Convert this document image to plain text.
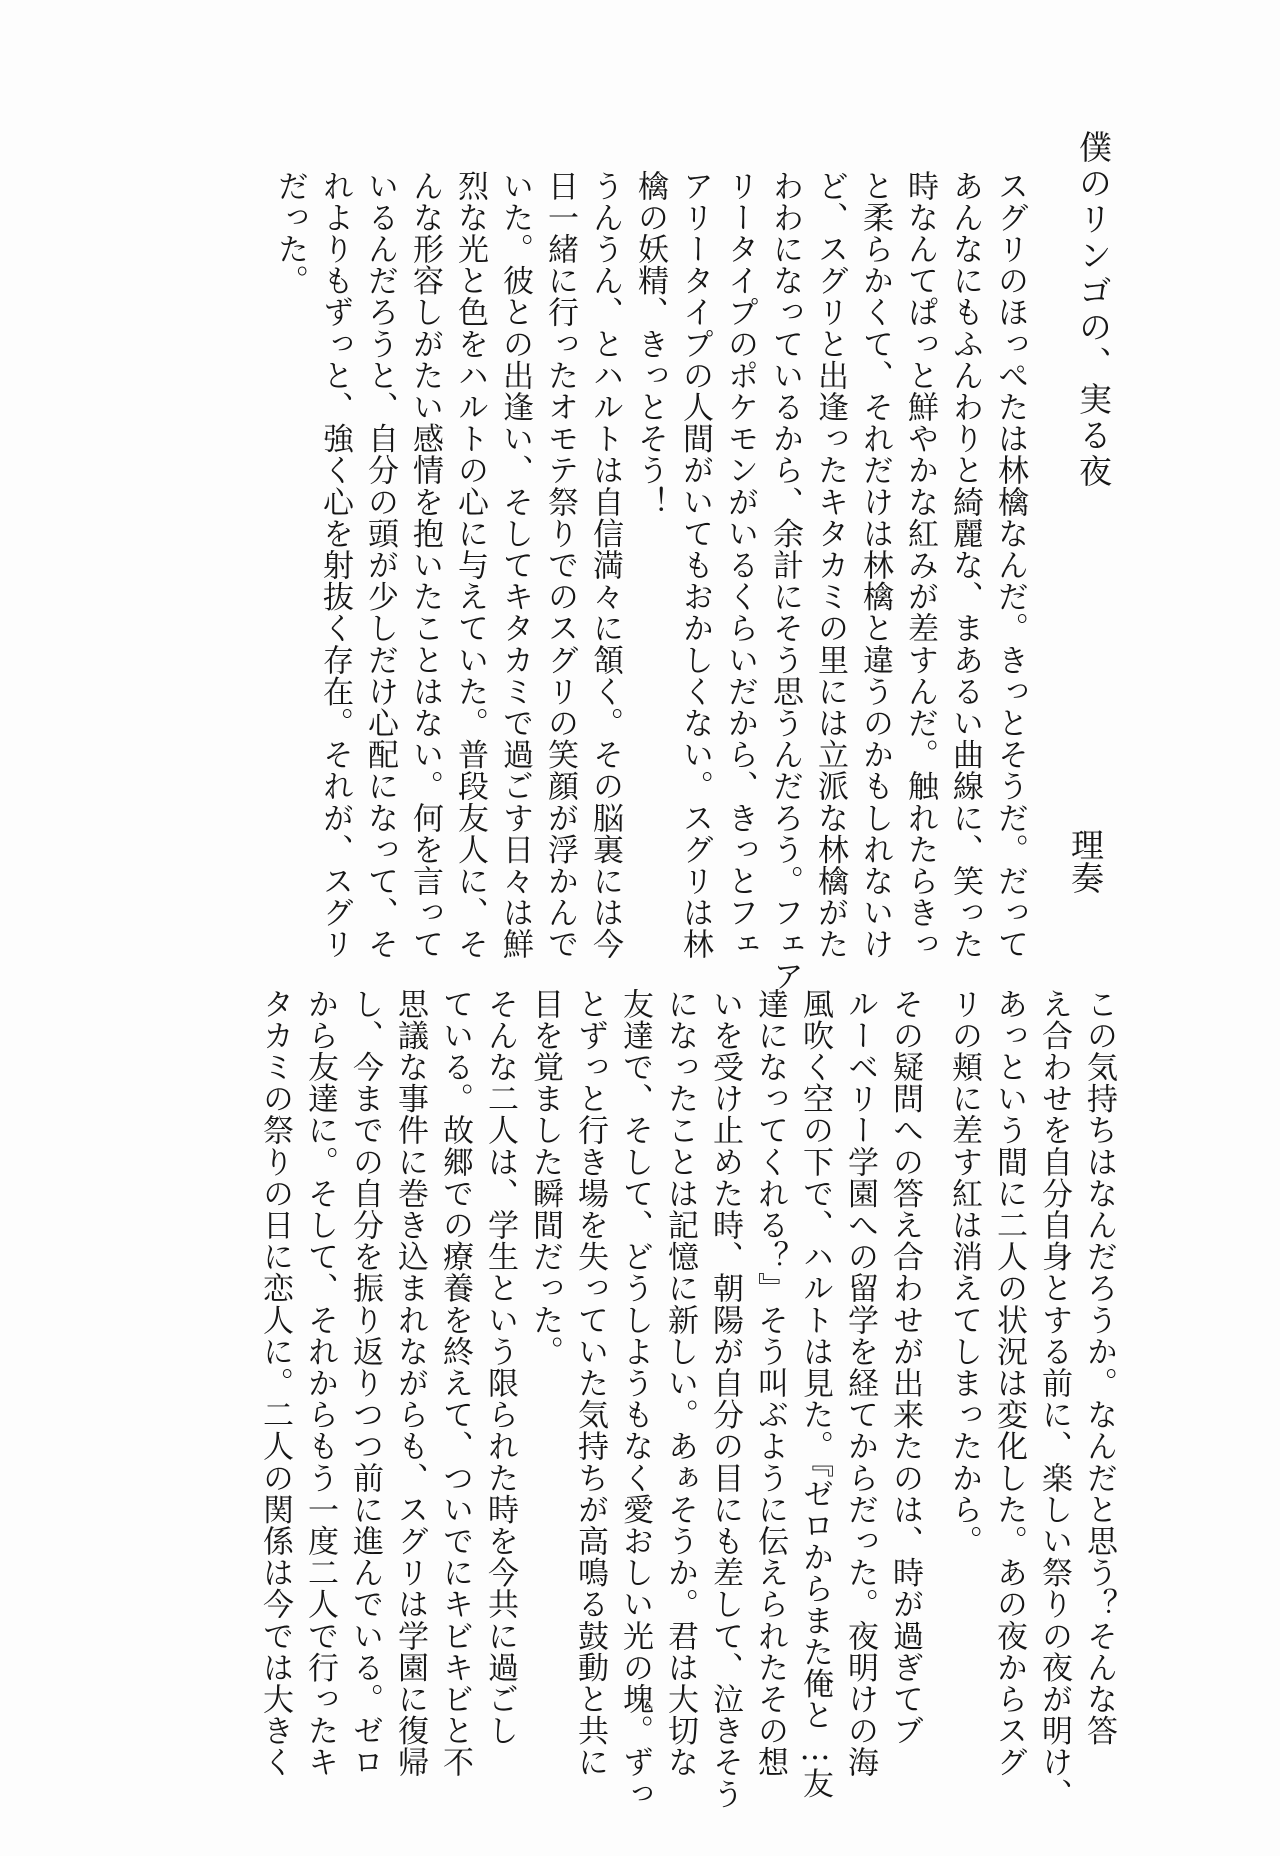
僕のリンゴの、実る夜
理奏

スグリのほっぺたは林檎なんだ。きっとそうだ。だって

あんなにもふんわりと綺麗な、まあるい曲線に、笑った

時なんてぱっと鮮やかな紅みが差すんだ。触れたらきっ

と柔らかくて、それだけは林檎と違うのかもしれないけ

ど、スグリと出逢ったキタカミの里には立派な林檎がた

わわになっているから、余計にそう思うんだろう。フェア

リータイプのポケモンがいるくらいだから、きっとフェ

アリータイプの人間がいてもおかしくない。スグリは林

檎の妖精、きっとそう！

うんうん、とハルトは自信満々に頷く。その脳裏には今

日一緒に行ったオモテ祭りでのスグリの笑顔が浮かんで

いた。彼との出逢い、そしてキタカミで過ごす日々は鮮

烈な光と色をハルトの心に与えていた。普段友人に、そ

んな形容しがたい感情を抱いたことはない。何を言って

いるんだろうと、自分の頭が少しだけ心配になって、そ

れよりもずっと、強く心を射抜く存在。それが、スグリ

だった。

この気持ちはなんだろうか。なんだと思う？そんな答

え合わせを自分自身とする前に、楽しい祭りの夜が明け、

あっという間に二人の状況は変化した。あの夜からスグ

リの頬に差す紅は消えてしまったから。

その疑問への答え合わせが出来たのは、時が過ぎてブ

ルーベリー学園への留学を経てからだった。夜明けの海

風吹く空の下で、ハルトは見た。『ゼロからまた俺と…友

達になってくれる？』そう叫ぶように伝えられたその想

いを受け止めた時、朝陽が自分の目にも差して、泣きそう

になったことは記憶に新しい。あぁそうか。君は大切な

友達で、そして、どうしようもなく愛おしい光の塊。ずっ

とずっと行き場を失っていた気持ちが高鳴る鼓動と共に

目を覚ました瞬間だった。

そんな二人は、学生という限られた時を今共に過ごし

ている。故郷での療養を終えて、ついでにキビキビと不

思議な事件に巻き込まれながらも、スグリは学園に復帰

し、今までの自分を振り返りつつ前に進んでいる。ゼロ

から友達に。そして、それからもう一度二人で行ったキ

タカミの祭りの日に恋人に。二人の関係は今では大きく
